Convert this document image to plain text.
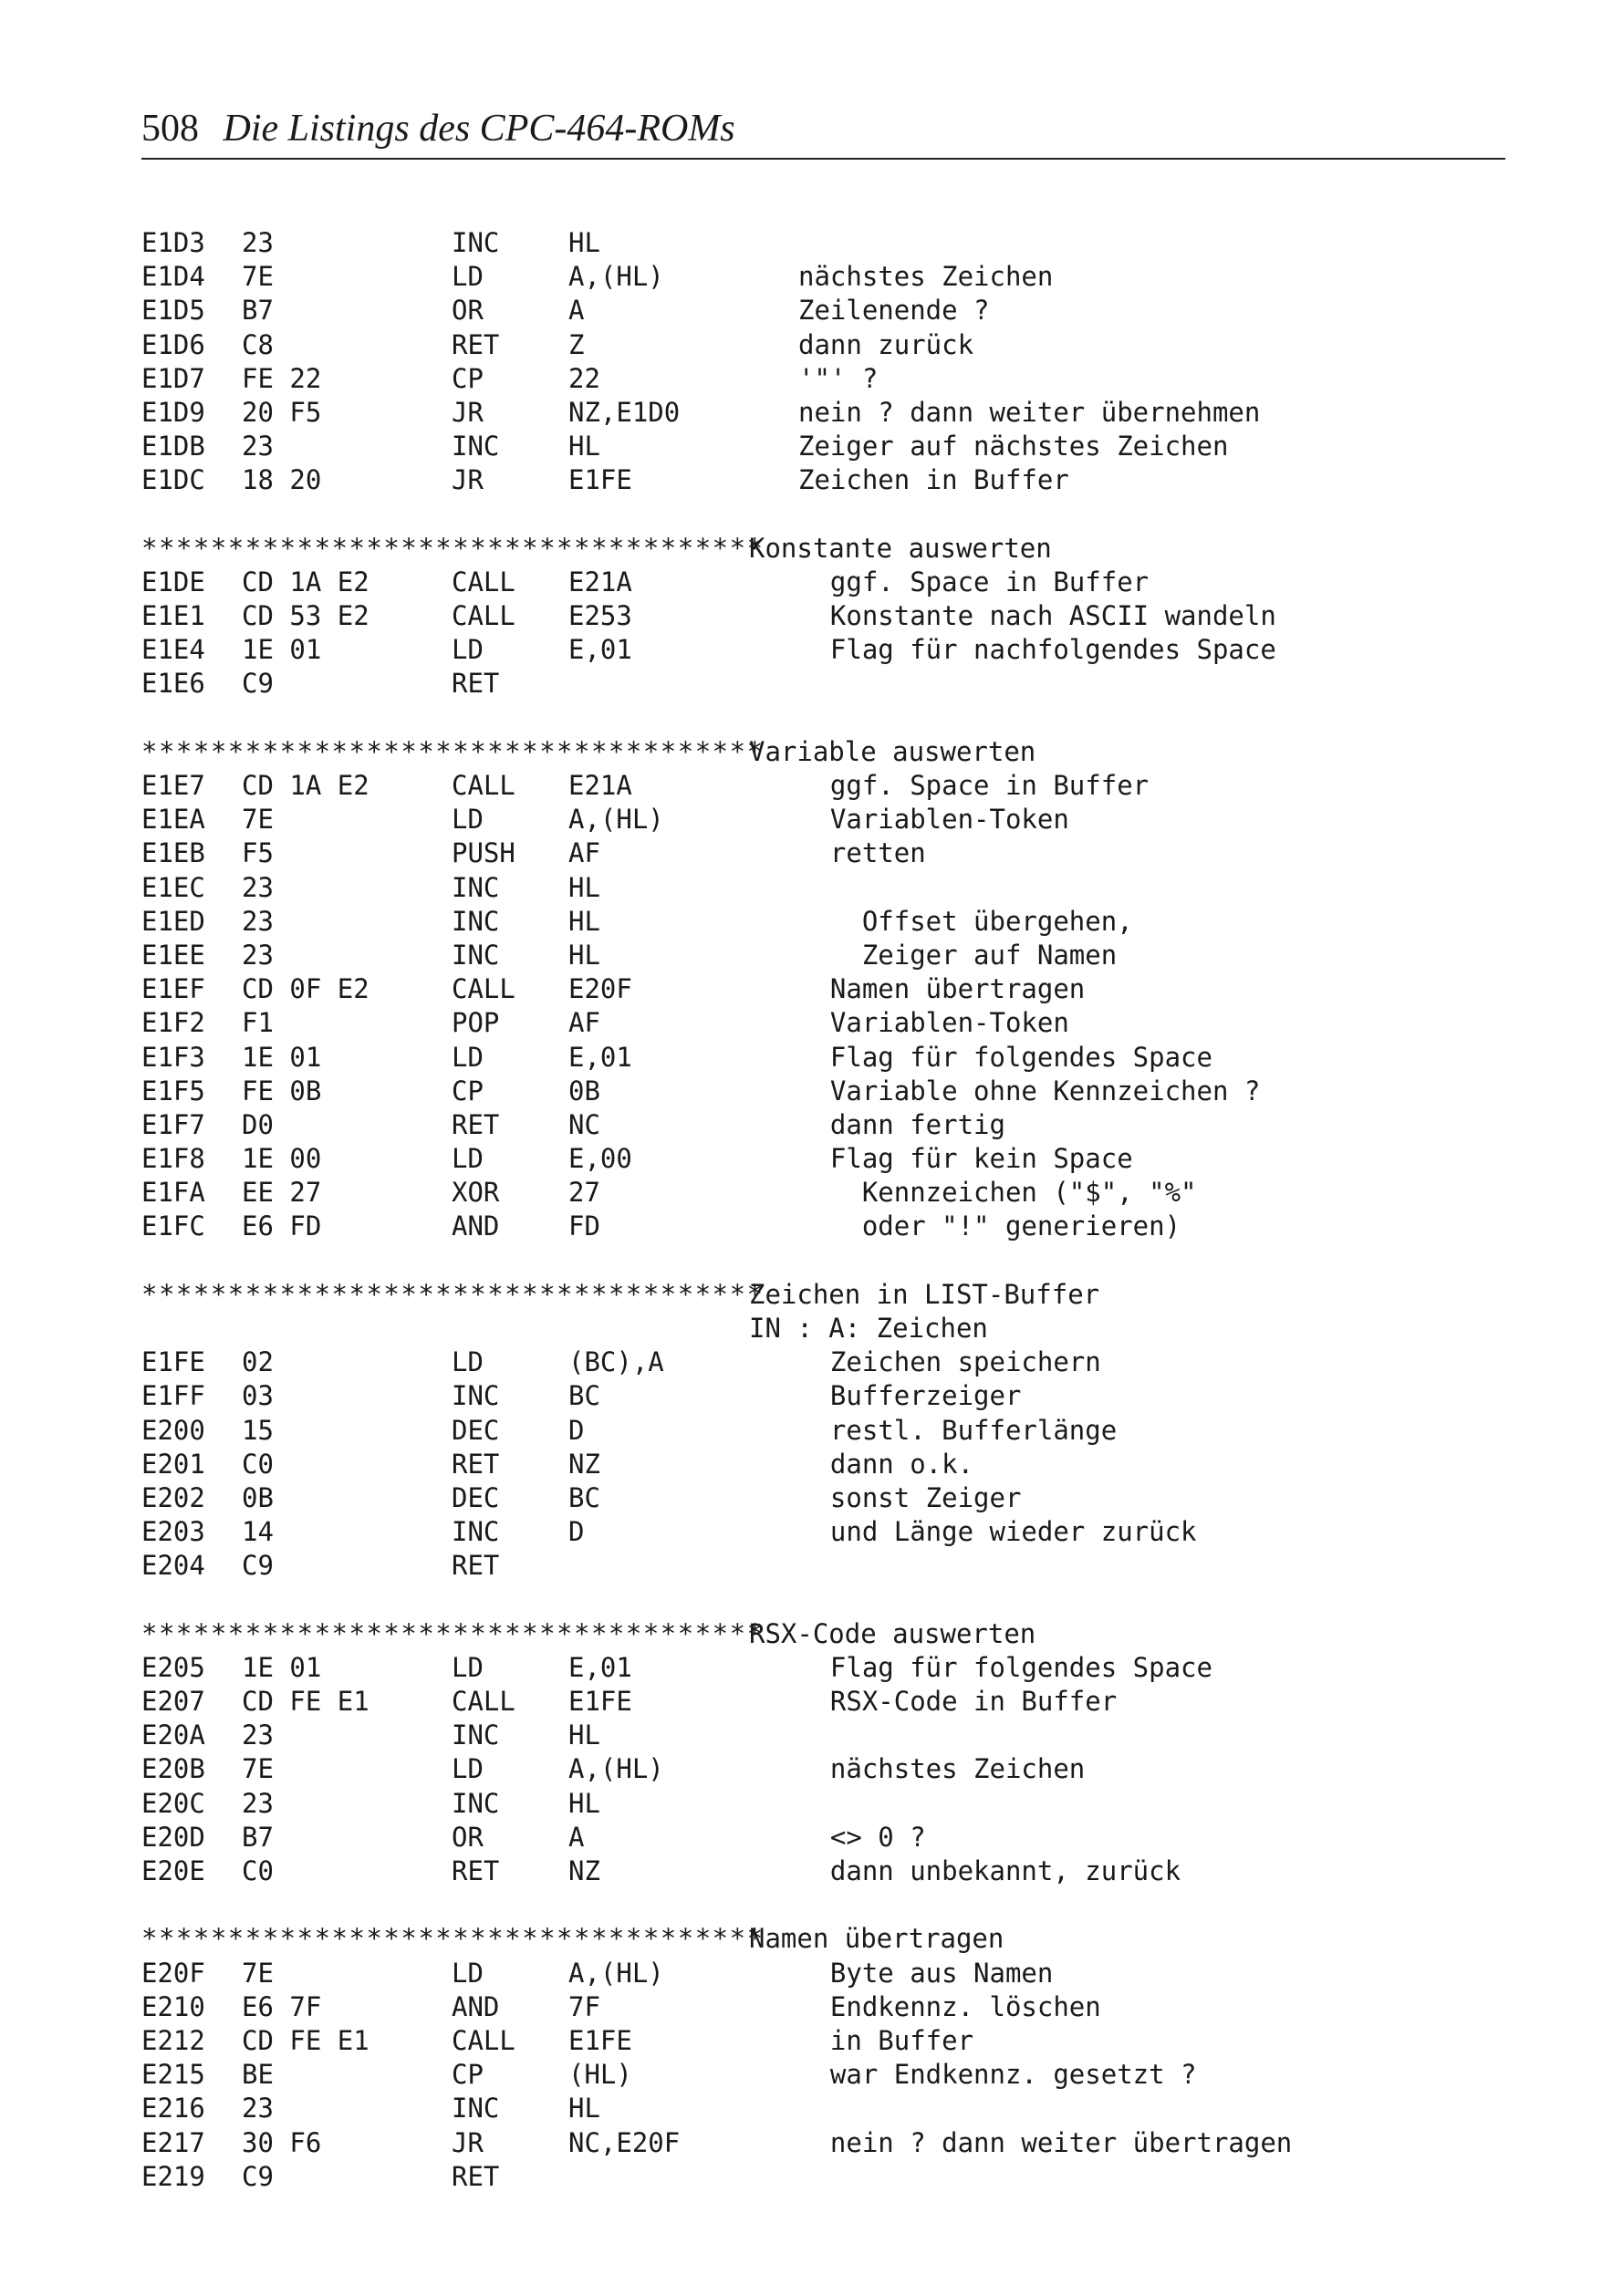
508 Die Listings des CPC-464-ROMs
E1D3 23	INC	HL
E1D4 7E	LD	A,(HL)	nächstes Zeichen
E1D5 B7	OR	A	Zeilenende ?
E1D6 C8	RET	Z	dann zurück
E1D7 FE 22	CP	22	'"' ?
E1D9 20 F5	JR	NZ,E1D0	nein ? dann weiter übernehmen
E1DB 23	INC	HL	Zeiger auf nächstes Zeichen
E1DC 18 20	JR	E1FE	Zeichen in Buffer
************************************
Konstante auswerten
E1DE CD 1A E2	CALL E21A	ggf. Space in Buffer
E1E1 CD 53 E2	CALL E253	Konstante nach ASCII wandeln
E1E4 1E 01	LD	E,01	Flag für nachfolgendes Space
E1E6 C9	RET
************************************
Variable auswerten
E1E7 CD 1A E2	CALL E21A	ggf. Space in Buffer
E1EA 7E	LD	A,(HL)	Variablen-Token
E1EB F5	PUSH AF	retten
E1EC 23	INC	HL
E1ED 23	INC	HL	Offset übergehen,
E1EE 23	INC	HL	Zeiger auf Namen
E1EF CD 0F E2	CALL E20F	Namen übertragen
E1F2 F1	POP	AF	Variablen-Token
E1F3 1E 01	LD	E,01	Flag für folgendes Space
E1F5 FE 0B	CP	0B	Variable ohne Kennzeichen ?
E1F7 D0	RET	NC	dann fertig
E1F8 1E 00	LD	E,00	Flag für kein Space
E1FA EE 27	XOR	27	Kennzeichen ("$", "%"
E1FC E6 FD	AND	FD	oder "!" generieren)
************************************
Zeichen in LIST-Buffer
IN : A: Zeichen
E1FE 02	LD	(BC),A	Zeichen speichern
E1FF 03	INC	BC	Bufferzeiger
E200 15	DEC	D	restl. Bufferlänge
E201 C0	RET	NZ	dann o.k.
E202 0B	DEC	BC	sonst Zeiger
E203 14	INC	D	und Länge wieder zurück
E204 C9	RET
************************************
RSX-Code auswerten
E205 1E 01	LD	E,01	Flag für folgendes Space
E207 CD FE E1	CALL E1FE	RSX-Code in Buffer
E20A 23	INC	HL
E20B 7E	LD	A,(HL)	nächstes Zeichen
E20C 23	INC	HL
E20D B7	OR	A	<> 0 ?
E20E C0	RET	NZ	dann unbekannt, zurück
************************************
Namen übertragen
E20F 7E	LD	A,(HL)	Byte aus Namen
E210 E6 7F	AND	7F	Endkennz. löschen
E212 CD FE E1	CALL E1FE	in Buffer
E215 BE	CP	(HL)	war Endkennz. gesetzt ?
E216 23	INC	HL
E217 30 F6	JR	NC,E20F	nein ? dann weiter übertragen
E219 C9	RET
